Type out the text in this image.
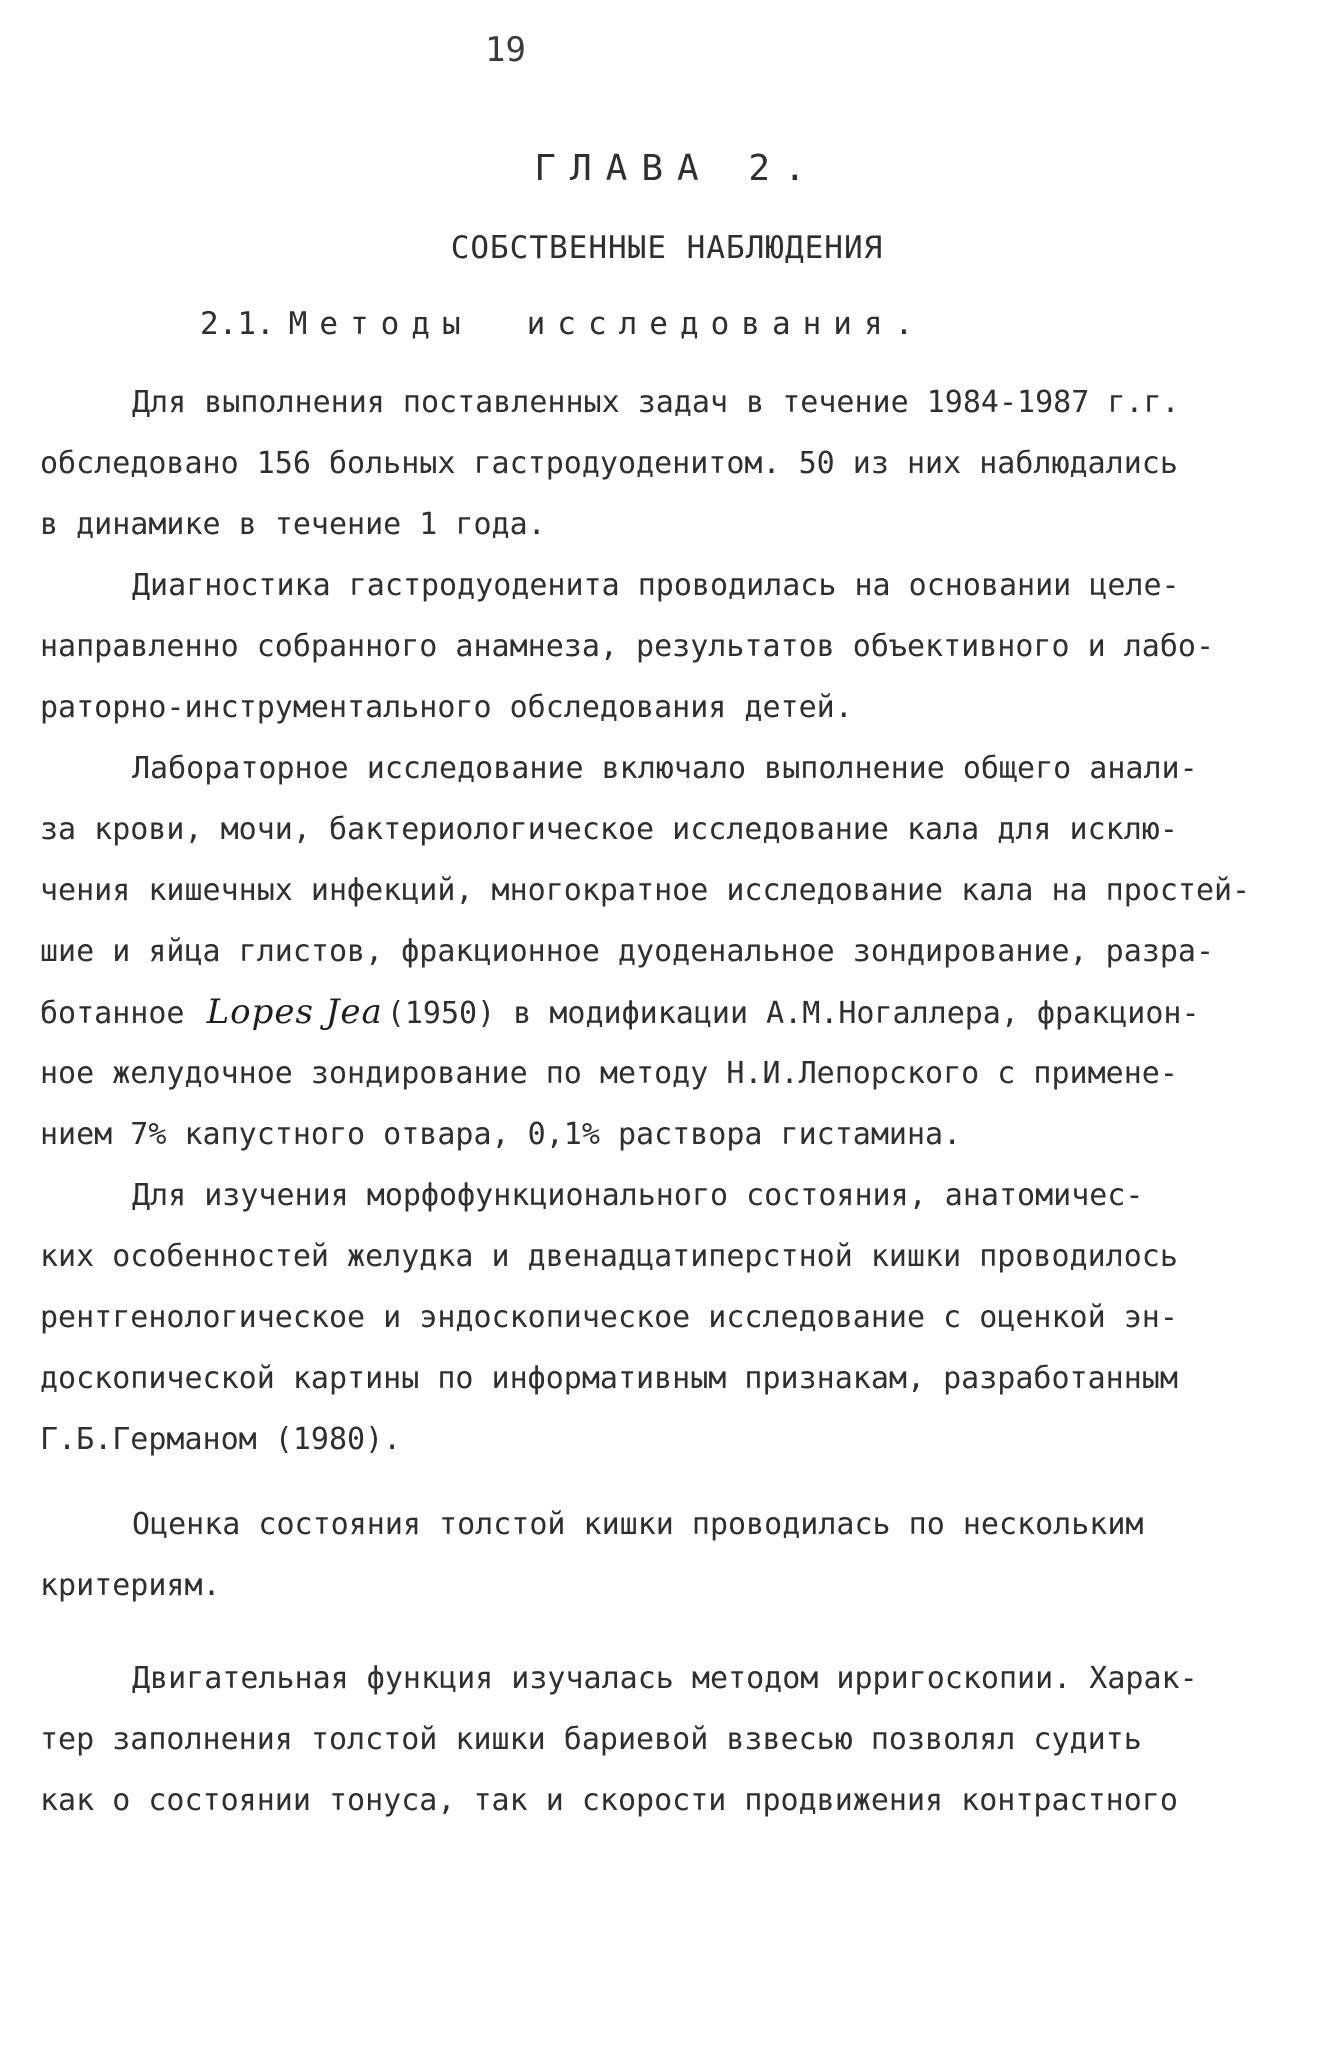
19
ГЛАВА 2.
СОБСТВЕННЫЕ НАБЛЮДЕНИЯ
2.1. Методы исследования.
Для выполнения поставленных задач в течение 1984-1987 г.г.
обследовано 156 больных гастродуоденитом. 50 из них наблюдались
в динамике в течение 1 года.
Диагностика гастродуоденита проводилась на основании целе-
направленно собранного анамнеза, результатов объективного и лабо-
раторно-инструментального обследования детей.
Лабораторное исследование включало выполнение общего анали-
за крови, мочи, бактериологическое исследование кала для исклю-
чения кишечных инфекций, многократное исследование кала на простей-
шие и яйца глистов, фракционное дуоденальное зондирование, разра-
ботанное Lopes Jea (1950) в модификации А.М.Ногаллера, фракцион-
ное желудочное зондирование по методу Н.И.Лепорского с примене-
нием 7% капустного отвара, 0,1% раствора гистамина.
Для изучения морфофункционального состояния, анатомичес-
ких особенностей желудка и двенадцатиперстной кишки проводилось
рентгенологическое и эндоскопическое исследование с оценкой эн-
доскопической картины по информативным признакам, разработанным
Г.Б.Германом (1980).
Оценка состояния толстой кишки проводилась по нескольким
критериям.
Двигательная функция изучалась методом ирригоскопии. Харак-
тер заполнения толстой кишки бариевой взвесью позволял судить
как о состоянии тонуса, так и скорости продвижения контрастного
